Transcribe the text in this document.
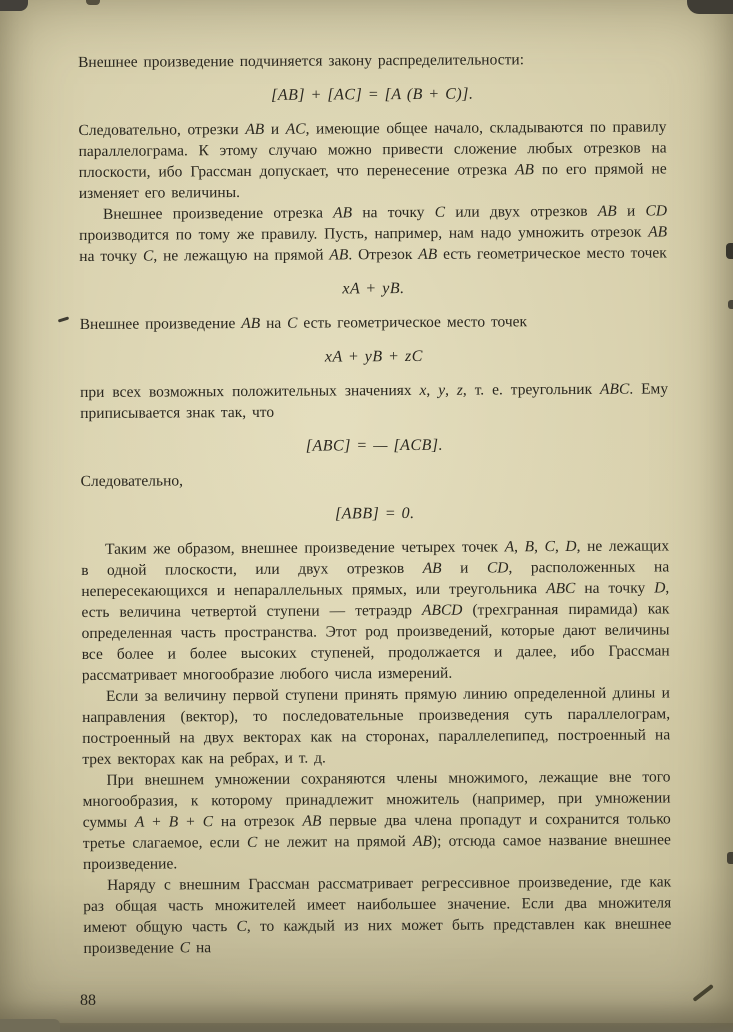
Внешнее произведение подчиняется закону распределительности:
[AB] + [AC] = [A (B + C)].
Следовательно, отрезки AB и AC, имеющие общее начало, складываются по правилу параллелограма. К этому случаю можно привести сложение любых отрезков на плоскости, ибо Грассман допускает, что перенесение отрезка AB по его прямой не изменяет его величины.
Внешнее произведение отрезка AB на точку C или двух отрезков AB и CD производится по тому же правилу. Пусть, например, нам надо умножить отрезок AB на точку C, не лежащую на прямой AB. Отрезок AB есть геометрическое место точек
xA + yB.
Внешнее произведение AB на C есть геометрическое место точек
xA + yB + zC
при всех возможных положительных значениях x, y, z, т. е. треугольник ABC. Ему приписывается знак так, что
[ABC] = — [ACB].
Следовательно,
[ABB] = 0.
Таким же образом, внешнее произведение четырех точек A, B, C, D, не лежащих в одной плоскости, или двух отрезков AB и CD, расположенных на непересекающихся и непараллельных прямых, или треугольника ABC на точку D, есть величина четвертой ступени — тетраэдр ABCD (трехгранная пирамида) как определенная часть пространства. Этот род произведений, которые дают величины все более и более высоких ступеней, продолжается и далее, ибо Грассман рассматривает многообразие любого числа измерений.
Если за величину первой ступени принять прямую линию определенной длины и направления (вектор), то последовательные произведения суть параллелограм, построенный на двух векторах как на сторонах, параллелепипед, построенный на трех векторах как на ребрах, и т. д.
При внешнем умножении сохраняются члены множимого, лежащие вне того многообразия, к которому принадлежит множитель (например, при умножении суммы A + B + C на отрезок AB первые два члена пропадут и сохранится только третье слагаемое, если C не лежит на прямой AB); отсюда самое название внешнее произведение.
Наряду с внешним Грассман рассматривает регрессивное произведение, где как раз общая часть множителей имеет наибольшее значение. Если два множителя имеют общую часть C, то каждый из них может быть представлен как внешнее произведение C на
88
